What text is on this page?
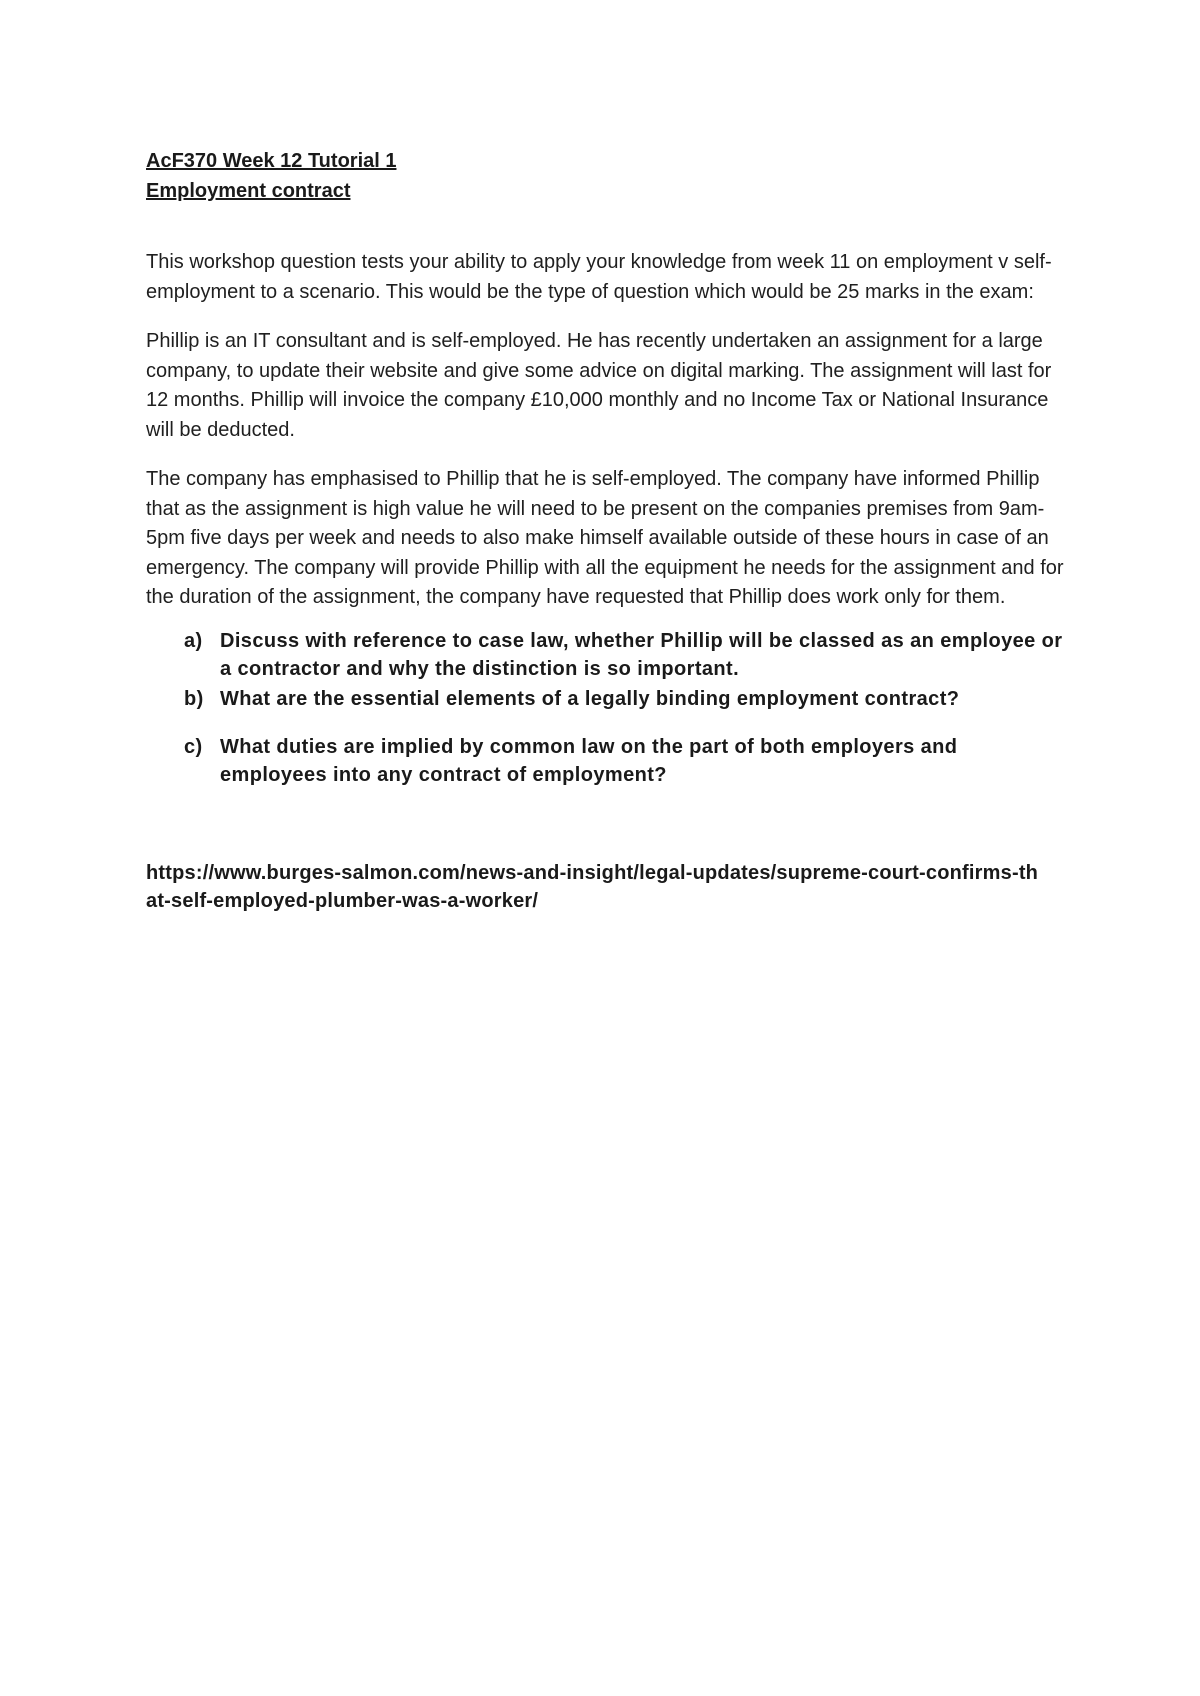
AcF370 Week 12 Tutorial 1

Employment contract

This workshop question tests your ability to apply your knowledge from week 11 on employment v self-employment to a scenario. This would be the type of question which would be 25 marks in the exam:

Phillip is an IT consultant and is self-employed. He has recently undertaken an assignment for a large company, to update their website and give some advice on digital marking. The assignment will last for 12 months. Phillip will invoice the company £10,000 monthly and no Income Tax or National Insurance will be deducted.

The company has emphasised to Phillip that he is self-employed. The company have informed Phillip that as the assignment is high value he will need to be present on the companies premises from 9am-5pm five days per week and needs to also make himself available outside of these hours in case of an emergency. The company will provide Phillip with all the equipment he needs for the assignment and for the duration of the assignment, the company have requested that Phillip does work only for them.

a) Discuss with reference to case law, whether Phillip will be classed as an employee or a contractor and why the distinction is so important.
b) What are the essential elements of a legally binding employment contract?
c) What duties are implied by common law on the part of both employers and employees into any contract of employment?
https://www.burges-salmon.com/news-and-insight/legal-updates/supreme-court-confirms-that-self-employed-plumber-was-a-worker/
